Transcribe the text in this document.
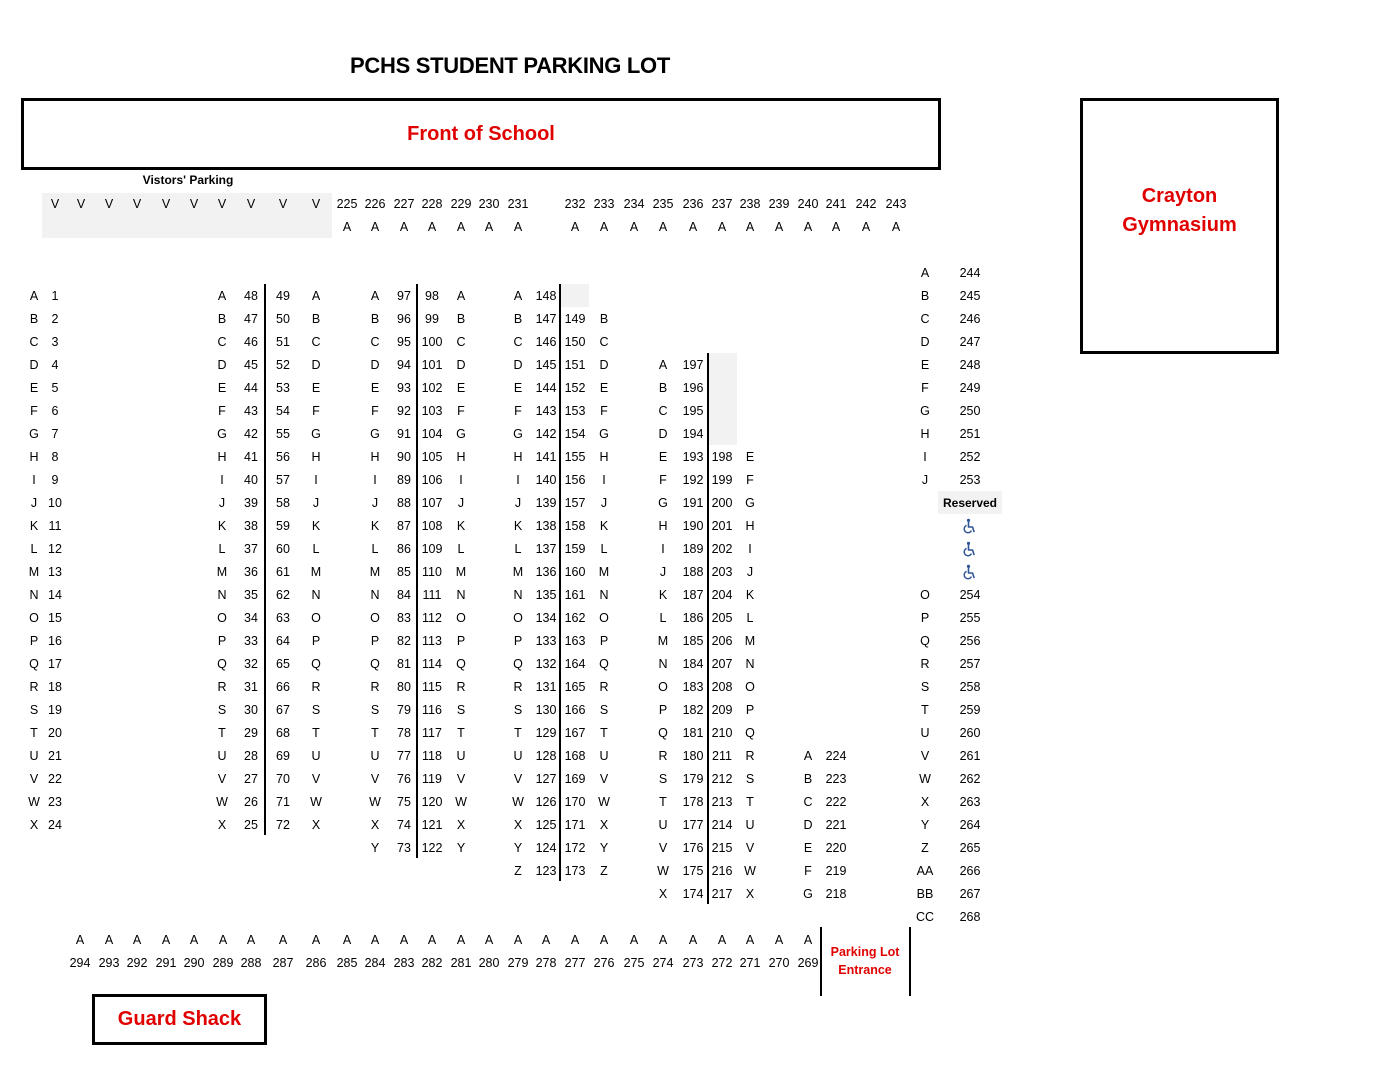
PCHS STUDENT PARKING LOT
Front of School
Crayton
Gymnasium
Guard Shack
Vistors' Parking
Reserved
Parking Lot
Entrance
V V V V V V V V V V 225
A
226
A
227
A
228
A
229
A
230
A
231
A
232
A
233
A
234
A
235
A
236
A
237
A
238
A
239
A
240
A
241
A
242
A
243
A
294
A
293
A
292
A
291
A
290
A
289
A
288
A
287
A
286
A
285
A
284
A
283
A
282
A
281
A
280
A
279
A
278
A
277
A
276
A
275
A
274
A
273
A
272
A
271
A
270
A
269
A
1
A
2
B
3
C
4
D
5
E
6
F
7
G
8
H
9
I
10
J
11
K
12
L
13
M
14
N
15
O
16
P
17
Q
18
R
19
S
20
T
21
U
22
V
23
W
24
X
48
A
47
B
46
C
45
D
44
E
43
F
42
G
41
H
40
I
39
J
38
K
37
L
36
M
35
N
34
O
33
P
32
Q
31
R
30
S
29
T
28
U
27
V
26
W
25
X
49 A
50 B
51 C
52 D
53 E
54 F
55 G
56 H
57 I
58 J
59 K
60 L
61 M
62 N
63 O
64 P
65 Q
66 R
67 S
68 T
69 U
70 V
71 W
72 X
97
A
96
B
95
C
94
D
93
E
92
F
91
G
90
H
89
I
88
J
87
K
86
L
85
M
84
N
83
O
82
P
81
Q
80
R
79
S
78
T
77
U
76
V
75
W
74
X
73
Y
98 A
99 B
100 C
101 D
102 E
103 F
104 G
105 H
106 I
107 J
108 K
109 L
110 M
111 N
112 O
113 P
114 Q
115 R
116 S
117 T
118 U
119 V
120 W
121 X
122 Y
148
A
147
B
146
C
145
D
144
E
143
F
142
G
141
H
140
I
139
J
138
K
137
L
136
M
135
N
134
O
133
P
132
Q
131
R
130
S
129
T
128
U
127
V
126
W
125
X
124
Y
123
Z
149 B
150 C
151 D
152 E
153 F
154 G
155 H
156 I
157 J
158 K
159 L
160 M
161 N
162 O
163 P
164 Q
165 R
166 S
167 T
168 U
169 V
170 W
171 X
172 Y
173 Z
197
A
196
B
195
C
194
D
193
E
192
F
191
G
190
H
189
I
188
J
187
K
186
L
185
M
184
N
183
O
182
P
181
Q
180
R
179
S
178
T
177
U
176
V
175
W
174
X
198 E
199 F
200 G
201 H
202 I
203 J
204 K
205 L
206 M
207 N
208 O
209 P
210 Q
211 R
212 S
213 T
214 U
215 V
216 W
217 X
224
A
223
B
222
C
221
D
220
E
219
F
218
G
244
A
245
B
246
C
247
D
248
E
249
F
250
G
251
H
252
I
253
J
254
O
255
P
256
Q
257
R
258
S
259
T
260
U
261
V
262
W
263
X
264
Y
265
Z
266
AA
267
BB
268
CC
